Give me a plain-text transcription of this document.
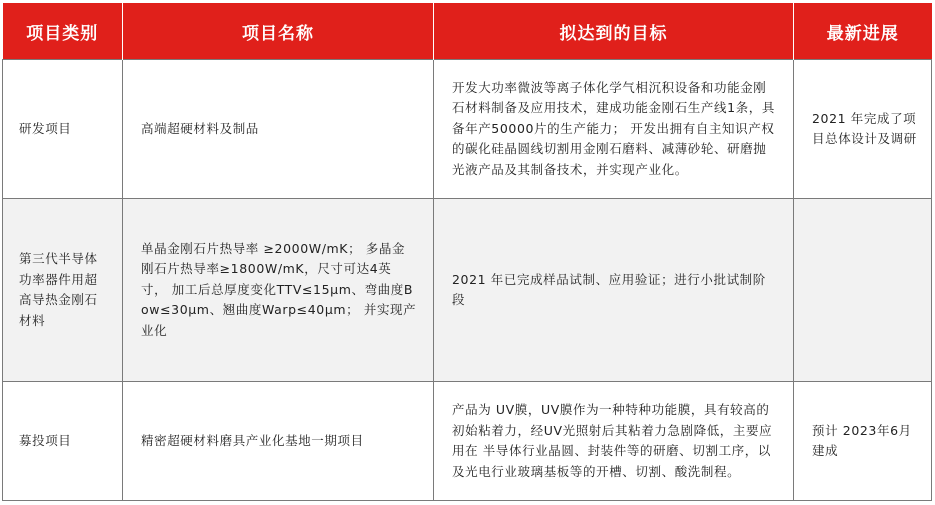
项目类别	项目名称	拟达到的目标	最新进展
研发项目	高端超硬材料及制品	开发大功率微波等离子体化学气相沉积设备和功能金刚石材料制备及应用技术，建成功能金刚石生产线1条，具备年产50000片的生产能力； 开发出拥有自主知识产权的碳化硅晶圆线切割用金刚石磨料、减薄砂轮、研磨抛光液产品及其制备技术，并实现产业化。	2021 年完成了项目总体设计及调研
第三代半导体功率器件用超高导热金刚石材料	单晶金刚石片热导率 ≥2000W/mK； 多晶金刚石片热导率≥1800W/mK，尺寸可达4英寸， 加工后总厚度变化TTV≤15μm、弯曲度Bow≤30μm、翘曲度Warp≤40μm； 并实现产业化	2021 年已完成样品试制、应用验证；进行小批试制阶段	
募投项目	精密超硬材料磨具产业化基地一期项目	产品为 UV膜，UV膜作为一种特种功能膜，具有较高的初始粘着力，经UV光照射后其粘着力急剧降低，主要应用在 半导体行业晶圆、封装件等的研磨、切割工序，以及光电行业玻璃基板等的开槽、切割、酸洗制程。	预计 2023年6月建成
